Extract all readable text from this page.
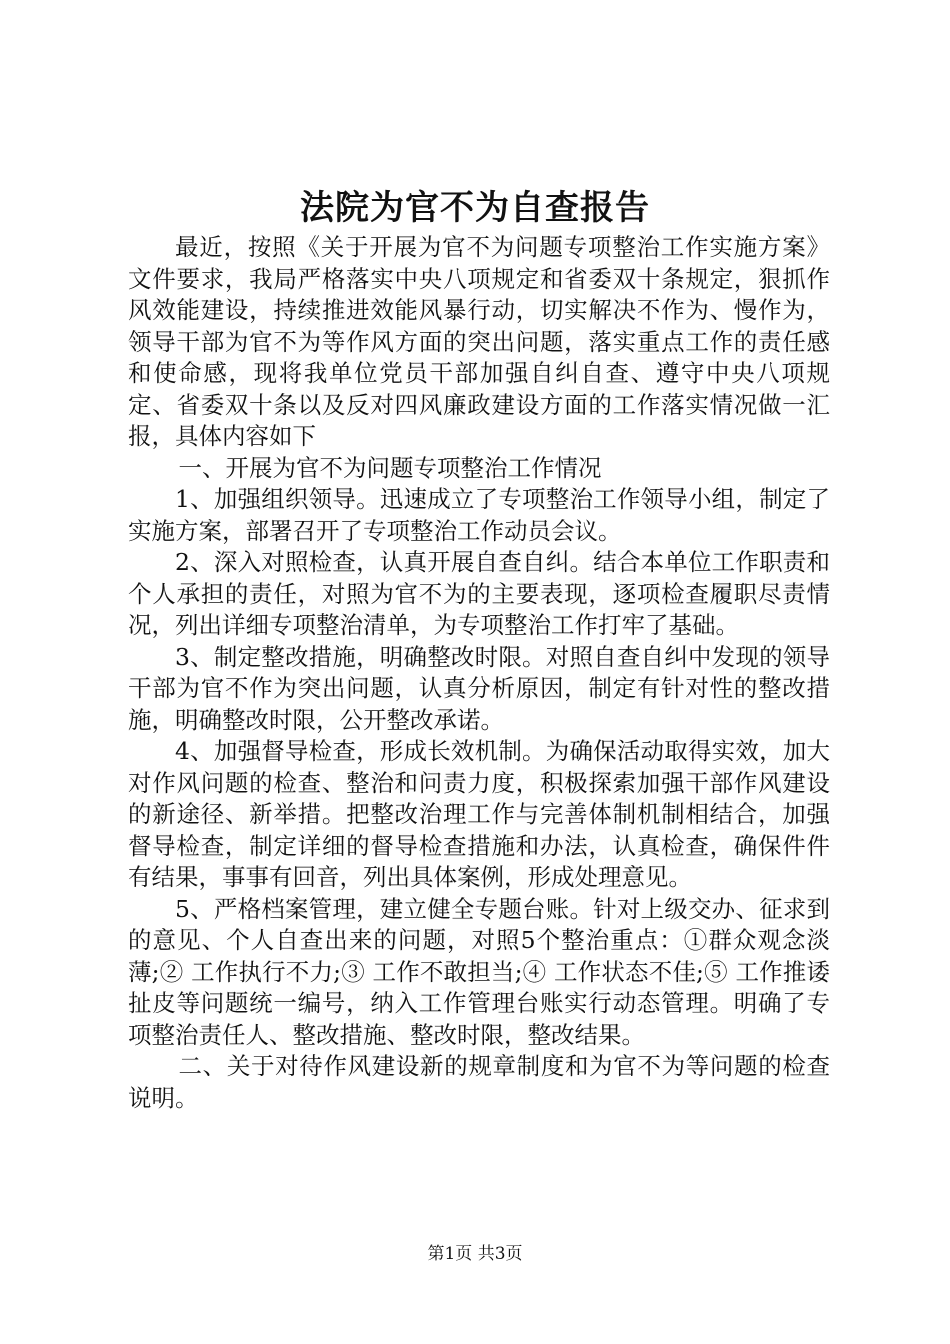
法院为官不为自查报告

最近，按照《关于开展为官不为问题专项整治工作实施方案》文件要求，我局严格落实中央八项规定和省委双十条规定，狠抓作风效能建设，持续推进效能风暴行动，切实解决不作为、慢作为，领导干部为官不为等作风方面的突出问题，落实重点工作的责任感和使命感，现将我单位党员干部加强自纠自查、遵守中央八项规定、省委双十条以及反对四风廉政建设方面的工作落实情况做一汇报，具体内容如下

一、开展为官不为问题专项整治工作情况

1、加强组织领导。迅速成立了专项整治工作领导小组，制定了实施方案，部署召开了专项整治工作动员会议。

2、深入对照检查，认真开展自查自纠。结合本单位工作职责和个人承担的责任，对照为官不为的主要表现，逐项检查履职尽责情况，列出详细专项整治清单，为专项整治工作打牢了基础。

3、制定整改措施，明确整改时限。对照自查自纠中发现的领导干部为官不作为突出问题，认真分析原因，制定有针对性的整改措施，明确整改时限，公开整改承诺。

4、加强督导检查，形成长效机制。为确保活动取得实效，加大对作风问题的检查、整治和问责力度，积极探索加强干部作风建设的新途径、新举措。把整改治理工作与完善体制机制相结合，加强督导检查，制定详细的督导检查措施和办法，认真检查，确保件件有结果，事事有回音，列出具体案例，形成处理意见。

5、严格档案管理，建立健全专题台账。针对上级交办、征求到的意见、个人自查出来的问题，对照5个整治重点：①群众观念淡薄;② 工作执行不力;③ 工作不敢担当;④ 工作状态不佳;⑤ 工作推诿扯皮等问题统一编号，纳入工作管理台账实行动态管理。明确了专项整治责任人、整改措施、整改时限，整改结果。

二、关于对待作风建设新的规章制度和为官不为等问题的检查说明。

第1页 共3页
